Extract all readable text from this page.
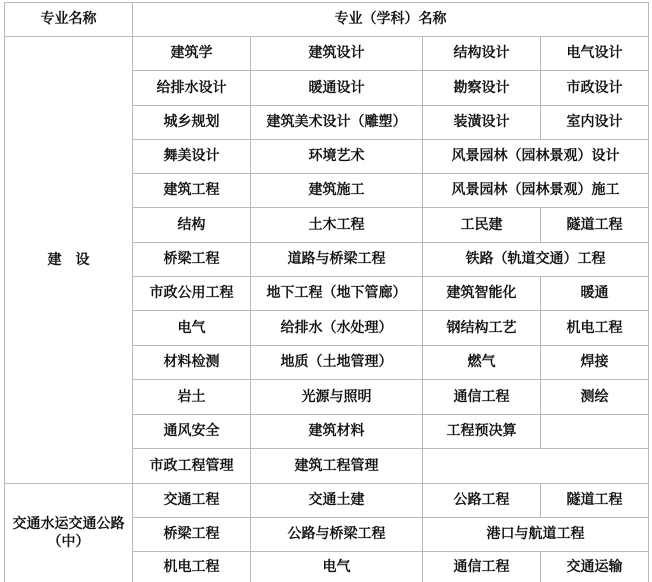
专业名称	专业（学科）名称			
建　设	建筑学	建筑设计	结构设计	电气设计
	给排水设计	暖通设计	勘察设计	市政设计
	城乡规划	建筑美术设计（雕塑）	装潢设计	室内设计
	舞美设计	环境艺术	风景园林（园林景观）设计	
	建筑工程	建筑施工	风景园林（园林景观）施工	
	结构	土木工程	工民建	隧道工程
	桥梁工程	道路与桥梁工程	铁路（轨道交通）工程	
	市政公用工程	地下工程（地下管廊）	建筑智能化	暖通
	电气	给排水（水处理）	钢结构工艺	机电工程
	材料检测	地质（土地管理）	燃气	焊接
	岩土	光源与照明	通信工程	测绘
	通风安全	建筑材料	工程预决算	
	市政工程管理	建筑工程管理		
交通水运交通公路（中）	交通工程	交通土建	公路工程	隧道工程
	桥梁工程	公路与桥梁工程	港口与航道工程	
	机电工程	电气	通信工程	交通运输
